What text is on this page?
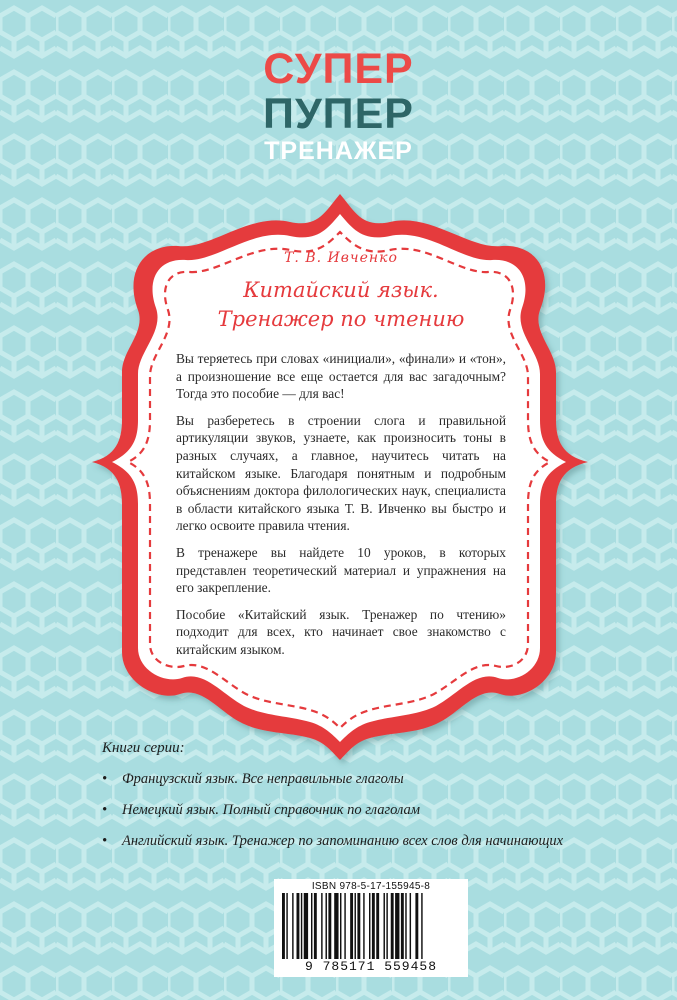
СУПЕР
ПУПЕР
ТРЕНАЖЕР
Т. В. Ивченко
Китайский язык.
Тренажер по чтению

Вы теряетесь при словах «инициали», «финали» и «тон», а произношение все еще остается для вас загадочным? Тогда это пособие — для вас!

Вы разберетесь в строении слога и правильной артикуляции звуков, узнаете, как произносить тоны в разных случаях, а главное, научитесь читать на китайском языке. Благодаря понятным и подробным объяснениям доктора филологических наук, специалиста в области китайского языка Т. В. Ивченко вы быстро и легко освоите правила чтения.

В тренажере вы найдете 10 уроков, в которых представлен теоретический материал и упражнения на его закрепление.

Пособие «Китайский язык. Тренажер по чтению» подходит для всех, кто начинает свое знакомство с китайским языком.

Книги серии:
• Французский язык. Все неправильные глаголы
• Немецкий язык. Полный справочник по глаголам
• Английский язык. Тренажер по запоминанию всех слов для начинающих
ISBN 978-5-17-155945-8
9 785171 559458
